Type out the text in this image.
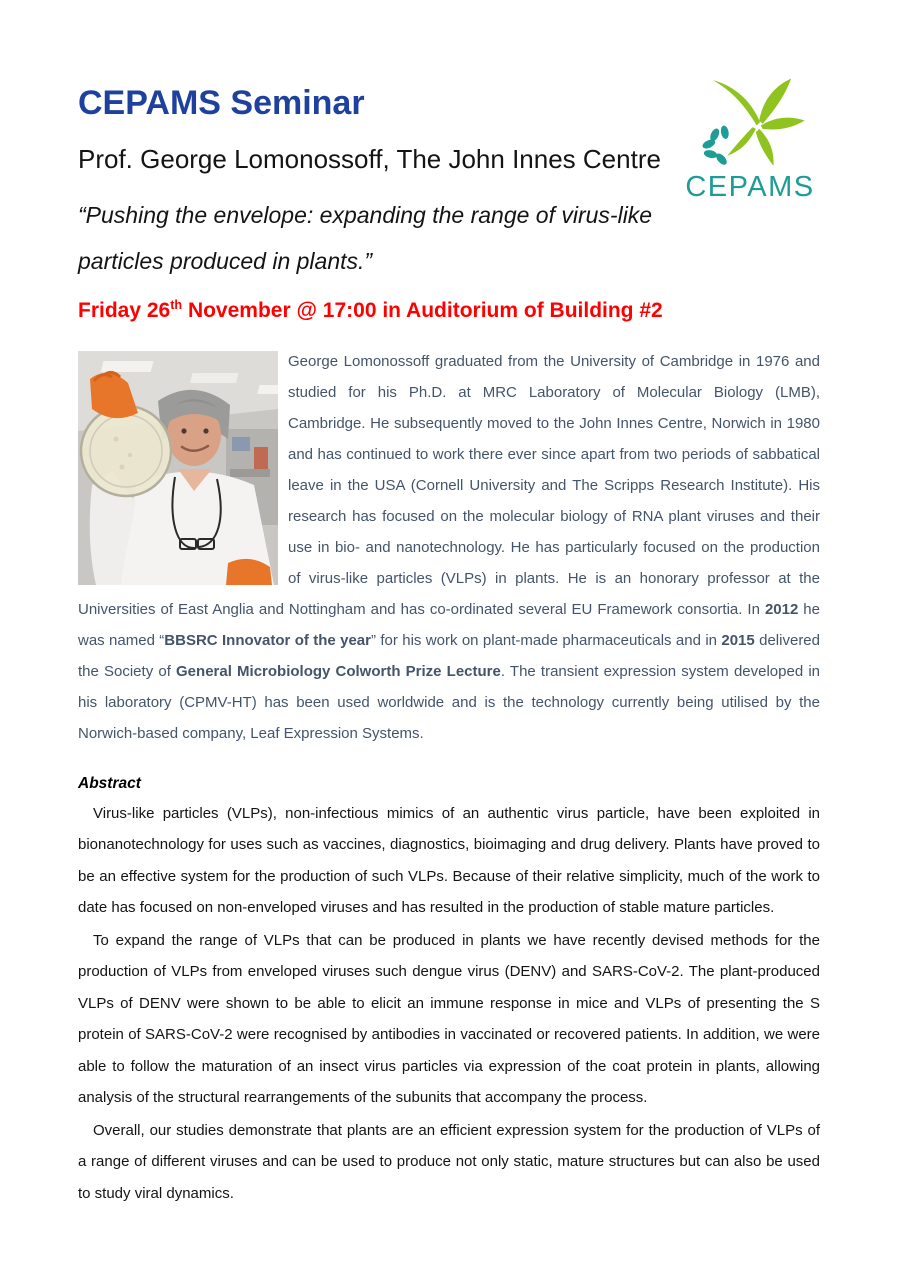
CEPAMS
CEPAMS Seminar
Prof. George Lomonossoff, The John Innes Centre
“Pushing the envelope: expanding the range of virus-like particles produced in plants.”
Friday 26th November @ 17:00 in Auditorium of Building #2
George Lomonossoff graduated from the University of Cambridge in 1976 and studied for his Ph.D. at MRC Laboratory of Molecular Biology (LMB), Cambridge. He subsequently moved to the John Innes Centre, Norwich in 1980 and has continued to work there ever since apart from two periods of sabbatical leave in the USA (Cornell University and The Scripps Research Institute). His research has focused on the molecular biology of RNA plant viruses and their use in bio- and nanotechnology. He has particularly focused on the production of virus-like particles (VLPs) in plants. He is an honorary professor at the Universities of East Anglia and Nottingham and has co-ordinated several EU Framework consortia. In 2012 he was named “BBSRC Innovator of the year” for his work on plant-made pharmaceuticals and in 2015 delivered the Society of General Microbiology Colworth Prize Lecture. The transient expression system developed in his laboratory (CPMV-HT) has been used worldwide and is the technology currently being utilised by the Norwich-based company, Leaf Expression Systems.
Abstract

Virus-like particles (VLPs), non-infectious mimics of an authentic virus particle, have been exploited in bionanotechnology for uses such as vaccines, diagnostics, bioimaging and drug delivery. Plants have proved to be an effective system for the production of such VLPs. Because of their relative simplicity, much of the work to date has focused on non-enveloped viruses and has resulted in the production of stable mature particles.

To expand the range of VLPs that can be produced in plants we have recently devised methods for the production of VLPs from enveloped viruses such dengue virus (DENV) and SARS-CoV-2. The plant-produced VLPs of DENV were shown to be able to elicit an immune response in mice and VLPs of presenting the S protein of SARS-CoV-2 were recognised by antibodies in vaccinated or recovered patients. In addition, we were able to follow the maturation of an insect virus particles via expression of the coat protein in plants, allowing analysis of the structural rearrangements of the subunits that accompany the process.

Overall, our studies demonstrate that plants are an efficient expression system for the production of VLPs of a range of different viruses and can be used to produce not only static, mature structures but can also be used to study viral dynamics.
